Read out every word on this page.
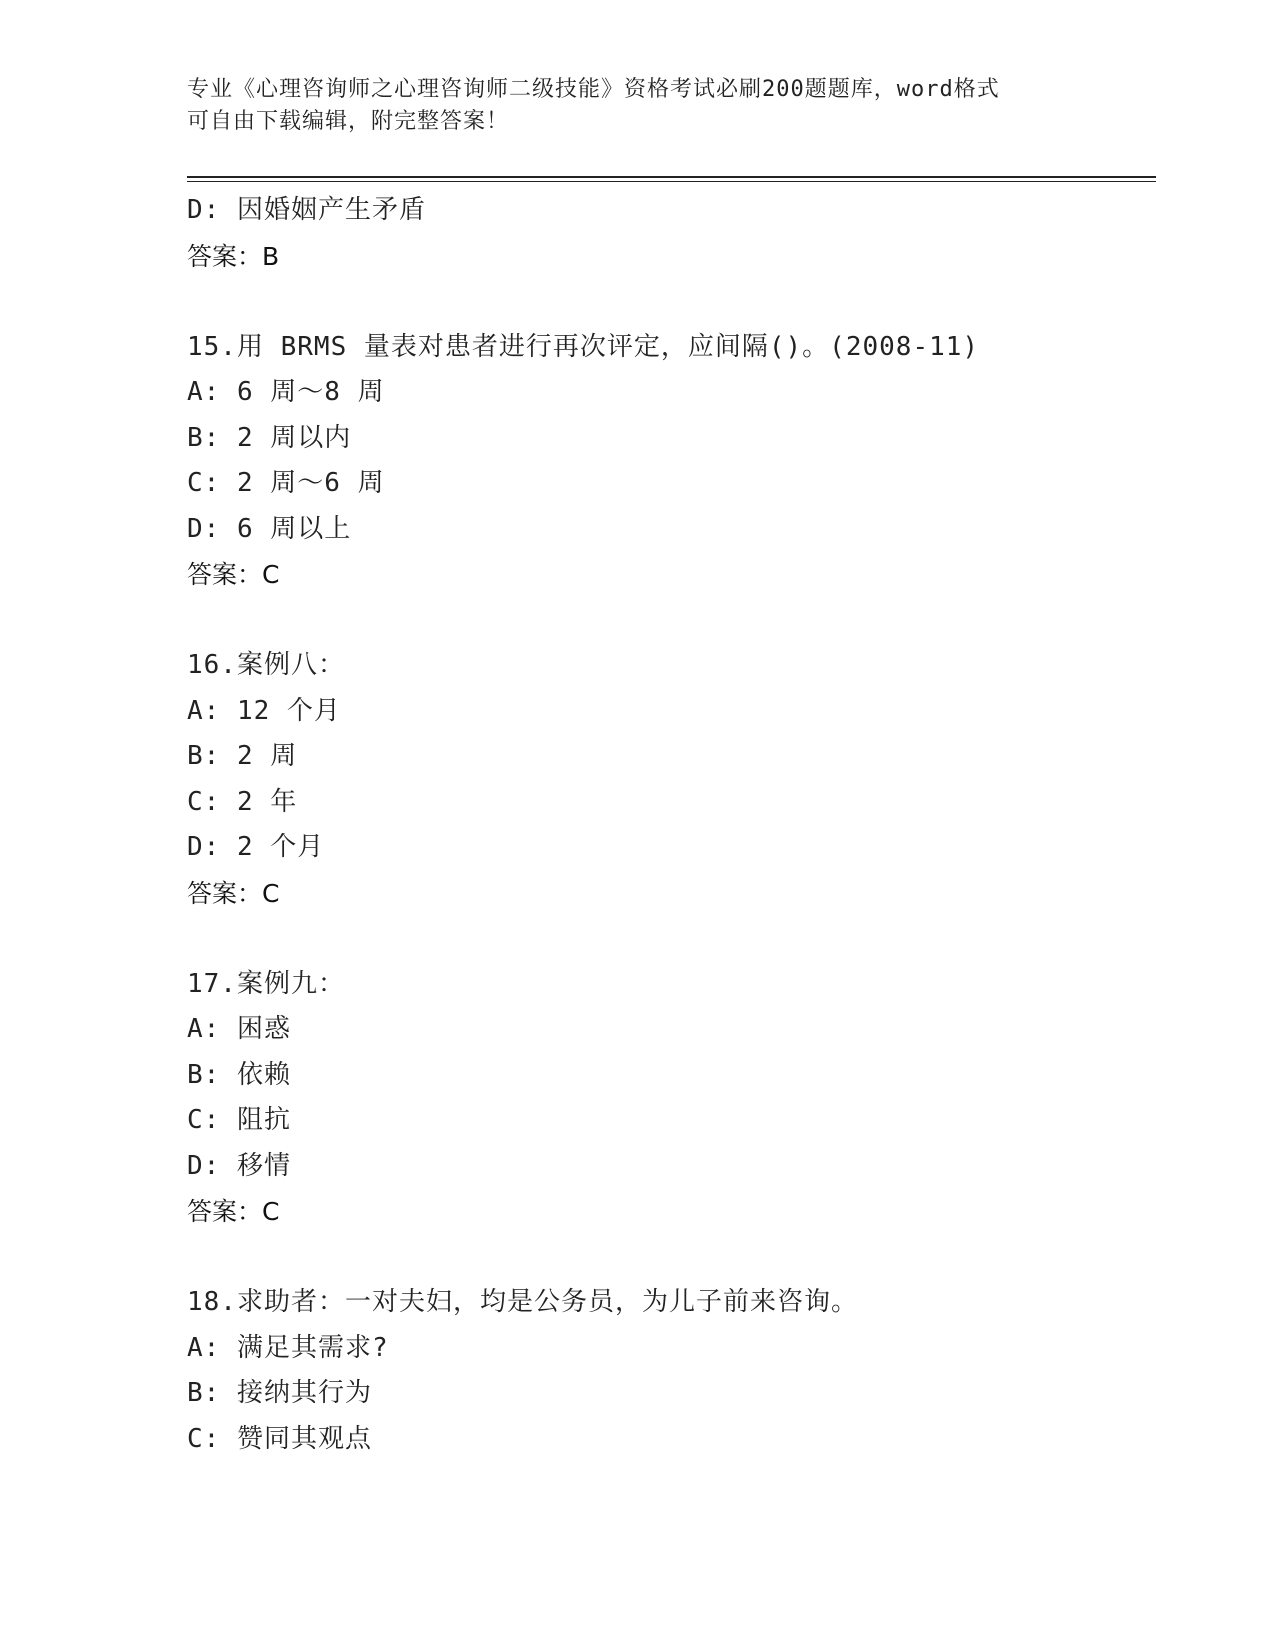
专业《心理咨询师之心理咨询师二级技能》资格考试必刷200题题库，word格式
可自由下载编辑，附完整答案！
D: 因婚姻产生矛盾
答案：B
15.用 BRMS 量表对患者进行再次评定，应间隔()。(2008-11)
A: 6 周～8 周
B: 2 周以内
C: 2 周～6 周
D: 6 周以上
答案：C
16.案例八：
A: 12 个月
B: 2 周
C: 2 年
D: 2 个月
答案：C
17.案例九：
A: 困惑
B: 依赖
C: 阻抗
D: 移情
答案：C
18.求助者：一对夫妇，均是公务员，为儿子前来咨询。
A: 满足其需求?
B: 接纳其行为
C: 赞同其观点
